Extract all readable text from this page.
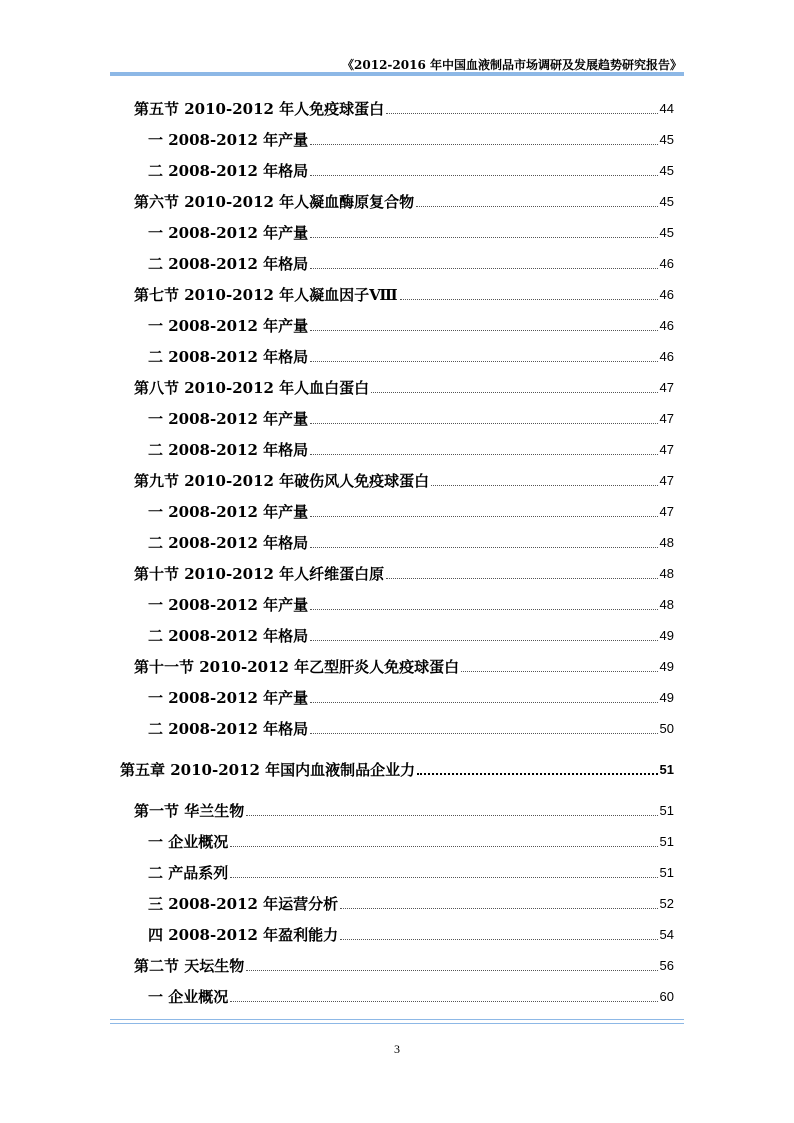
《2012-2016 年中国血液制品市场调研及发展趋势研究报告》
第五节 2010-2012 年人免疫球蛋白	44
一 2008-2012 年产量	45
二 2008-2012 年格局	45
第六节 2010-2012 年人凝血酶原复合物	45
一 2008-2012 年产量	45
二 2008-2012 年格局	46
第七节 2010-2012 年人凝血因子Ⅷ	46
一 2008-2012 年产量	46
二 2008-2012 年格局	46
第八节 2010-2012 年人血白蛋白	47
一 2008-2012 年产量	47
二 2008-2012 年格局	47
第九节 2010-2012 年破伤风人免疫球蛋白	47
一 2008-2012 年产量	47
二 2008-2012 年格局	48
第十节 2010-2012 年人纤维蛋白原	48
一 2008-2012 年产量	48
二 2008-2012 年格局	49
第十一节 2010-2012 年乙型肝炎人免疫球蛋白	49
一 2008-2012 年产量	49
二 2008-2012 年格局	50
第五章 2010-2012 年国内血液制品企业力	51
第一节 华兰生物	51
一 企业概况	51
二 产品系列	51
三 2008-2012 年运营分析	52
四 2008-2012 年盈利能力	54
第二节 天坛生物	56
一 企业概况	60
3
